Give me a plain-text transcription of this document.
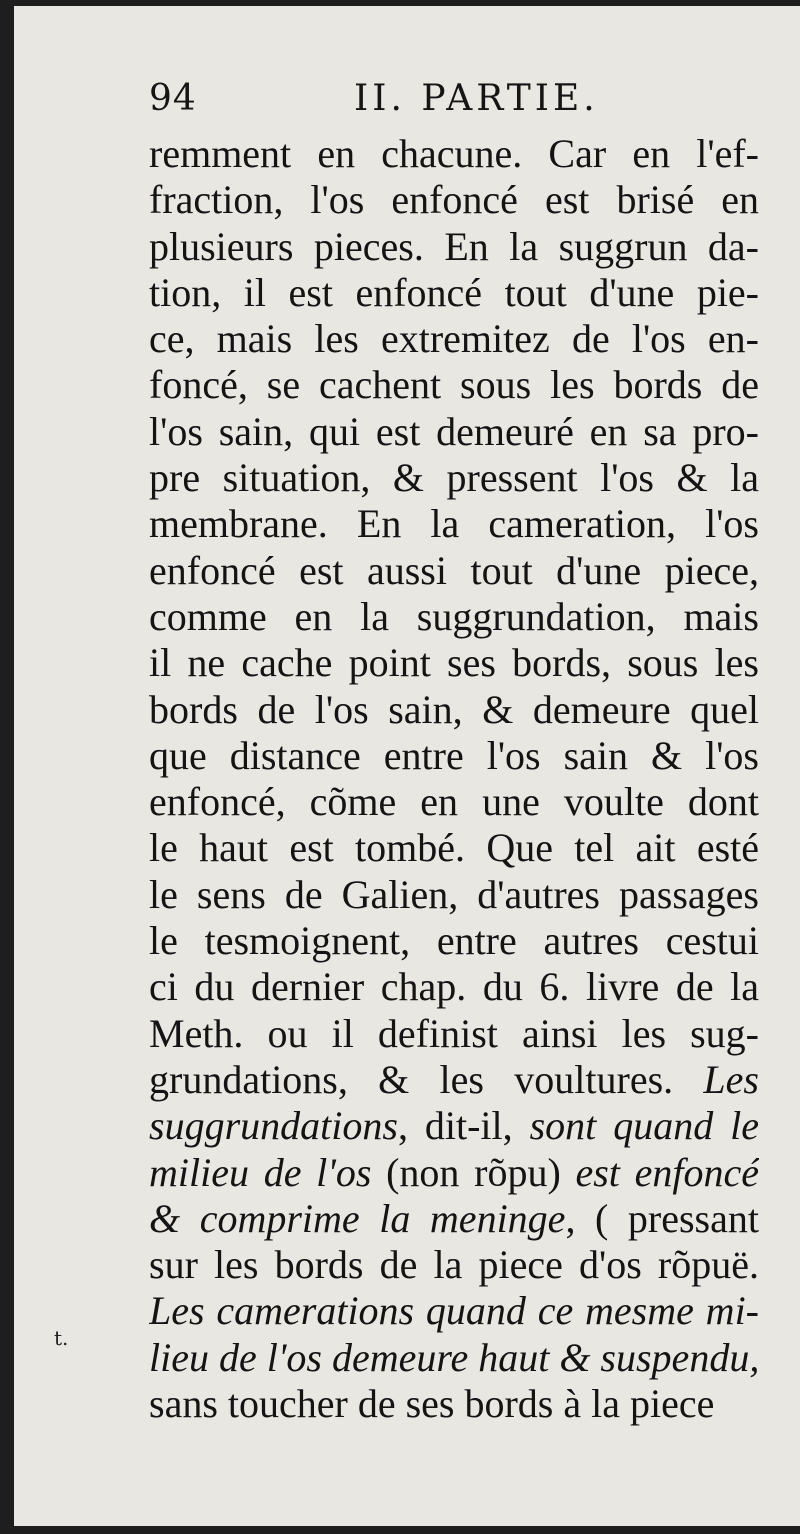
94	II. PARTIE.
remment en chacune. Car en l'ef-
fraction, l'os enfoncé est brisé en
plusieurs pieces. En la suggrun da-
tion, il est enfoncé tout d'une pie-
ce, mais les extremitez de l'os en-
foncé, se cachent sous les bords de
l'os sain, qui est demeuré en sa pro-
pre situation, & pressent l'os & la
membrane. En la cameration, l'os
enfoncé est aussi tout d'une piece,
comme en la suggrundation, mais
il ne cache point ses bords, sous les
bords de l'os sain, & demeure quel
que distance entre l'os sain & l'os
enfoncé, cõme en une voulte dont
le haut est tombé. Que tel ait esté
le sens de Galien, d'autres passages
le tesmoignent, entre autres cestui
ci du dernier chap. du 6. livre de la
Meth. ou il definist ainsi les sug-
grundations, & les voultures. Les
suggrundations, dit-il, sont quand le
milieu de l'os (non rõpu) est enfoncé
& comprime la meninge, ( pressant
sur les bords de la piece d'os rõpuë.
Les camerations quand ce mesme mi-
lieu de l'os demeure haut & suspendu,
sans toucher de ses bords à la piece
t.
